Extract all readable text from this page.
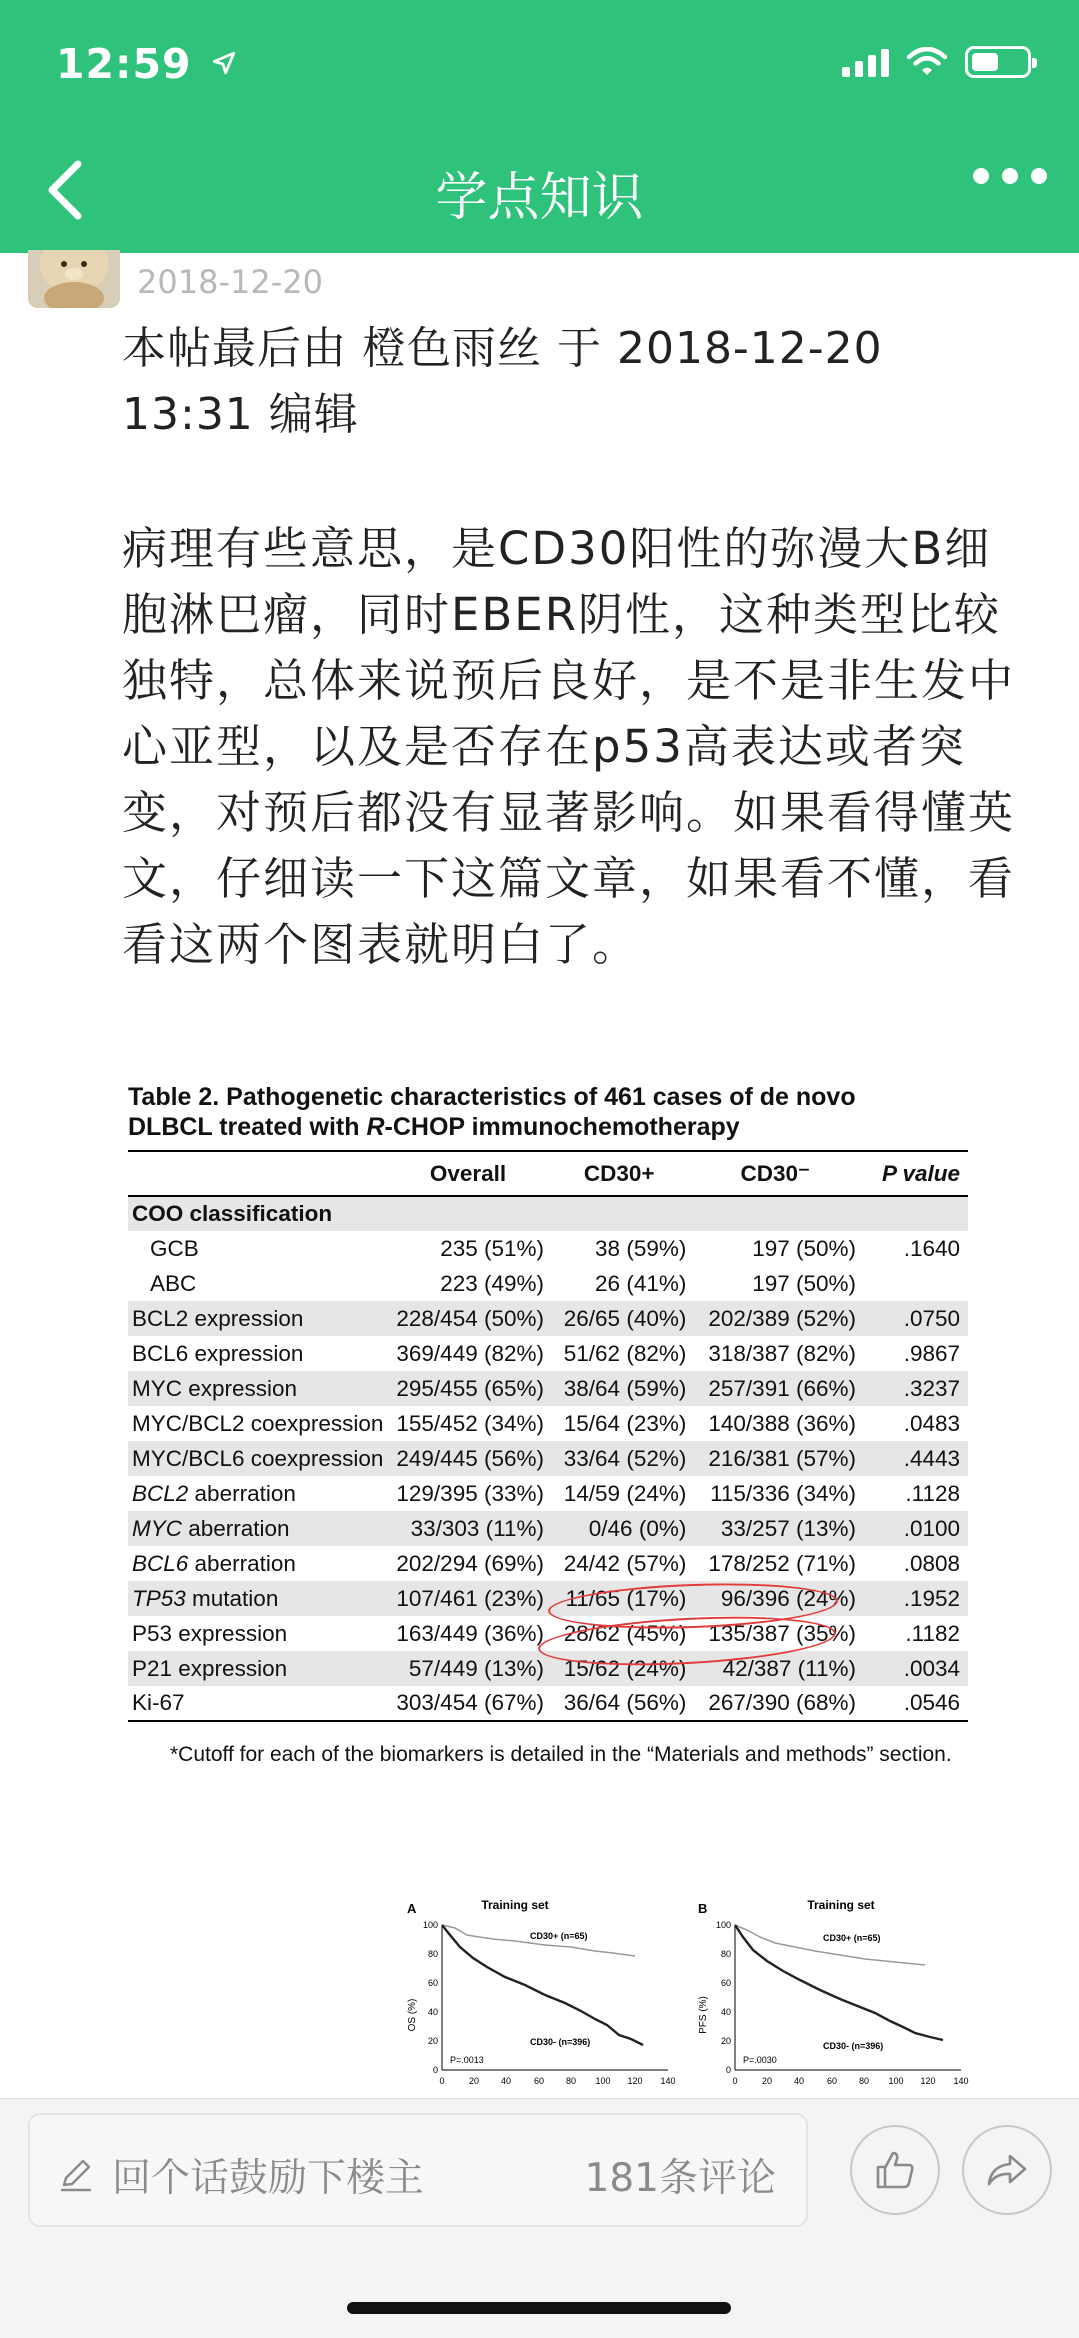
12:59
学点知识
2018-12-20
本帖最后由 橙色雨丝 于 2018-12-20 13:31 编辑
病理有些意思，是CD30阳性的弥漫大B细胞淋巴瘤，同时EBER阴性，这种类型比较独特，总体来说预后良好，是不是非生发中心亚型，以及是否存在p53高表达或者突变，对预后都没有显著影响。如果看得懂英文，仔细读一下这篇文章，如果看不懂，看看这两个图表就明白了。
Table 2. Pathogenetic characteristics of 461 cases of de novo
DLBCL treated with R-CHOP immunochemotherapy
	Overall	CD30+	CD30⁻	P value
COO classification				
GCB	235 (51%)	38 (59%)	197 (50%)	.1640
ABC	223 (49%)	26 (41%)	197 (50%)	
BCL2 expression	228/454 (50%)	26/65 (40%)	202/389 (52%)	.0750
BCL6 expression	369/449 (82%)	51/62 (82%)	318/387 (82%)	.9867
MYC expression	295/455 (65%)	38/64 (59%)	257/391 (66%)	.3237
MYC/BCL2 coexpression	155/452 (34%)	15/64 (23%)	140/388 (36%)	.0483
MYC/BCL6 coexpression	249/445 (56%)	33/64 (52%)	216/381 (57%)	.4443
BCL2 aberration	129/395 (33%)	14/59 (24%)	115/336 (34%)	.1128
MYC aberration	33/303 (11%)	0/46 (0%)	33/257 (13%)	.0100
BCL6 aberration	202/294 (69%)	24/42 (57%)	178/252 (71%)	.0808
TP53 mutation	107/461 (23%)	11/65 (17%)	96/396 (24%)	.1952
P53 expression	163/449 (36%)	28/62 (45%)	135/387 (35%)	.1182
P21 expression	57/449 (13%)	15/62 (24%)	42/387 (11%)	.0034
Ki-67	303/454 (67%)	36/64 (56%)	267/390 (68%)	.0546
*Cutoff for each of the biomarkers is detailed in the “Materials and methods” section.
A	Training set
OS (%)
100
80
60
40
20
0
0	20 40	60 80 100 120 140
CD30+ (n=65)
CD30- (n=396)
P=.0013
B	Training set
PFS (%)
100
80
60
40
20
0
0	20 40	60 80 100 120 140
CD30+ (n=65)
CD30- (n=396)
P=.0030
回个话鼓励下楼主	181条评论
